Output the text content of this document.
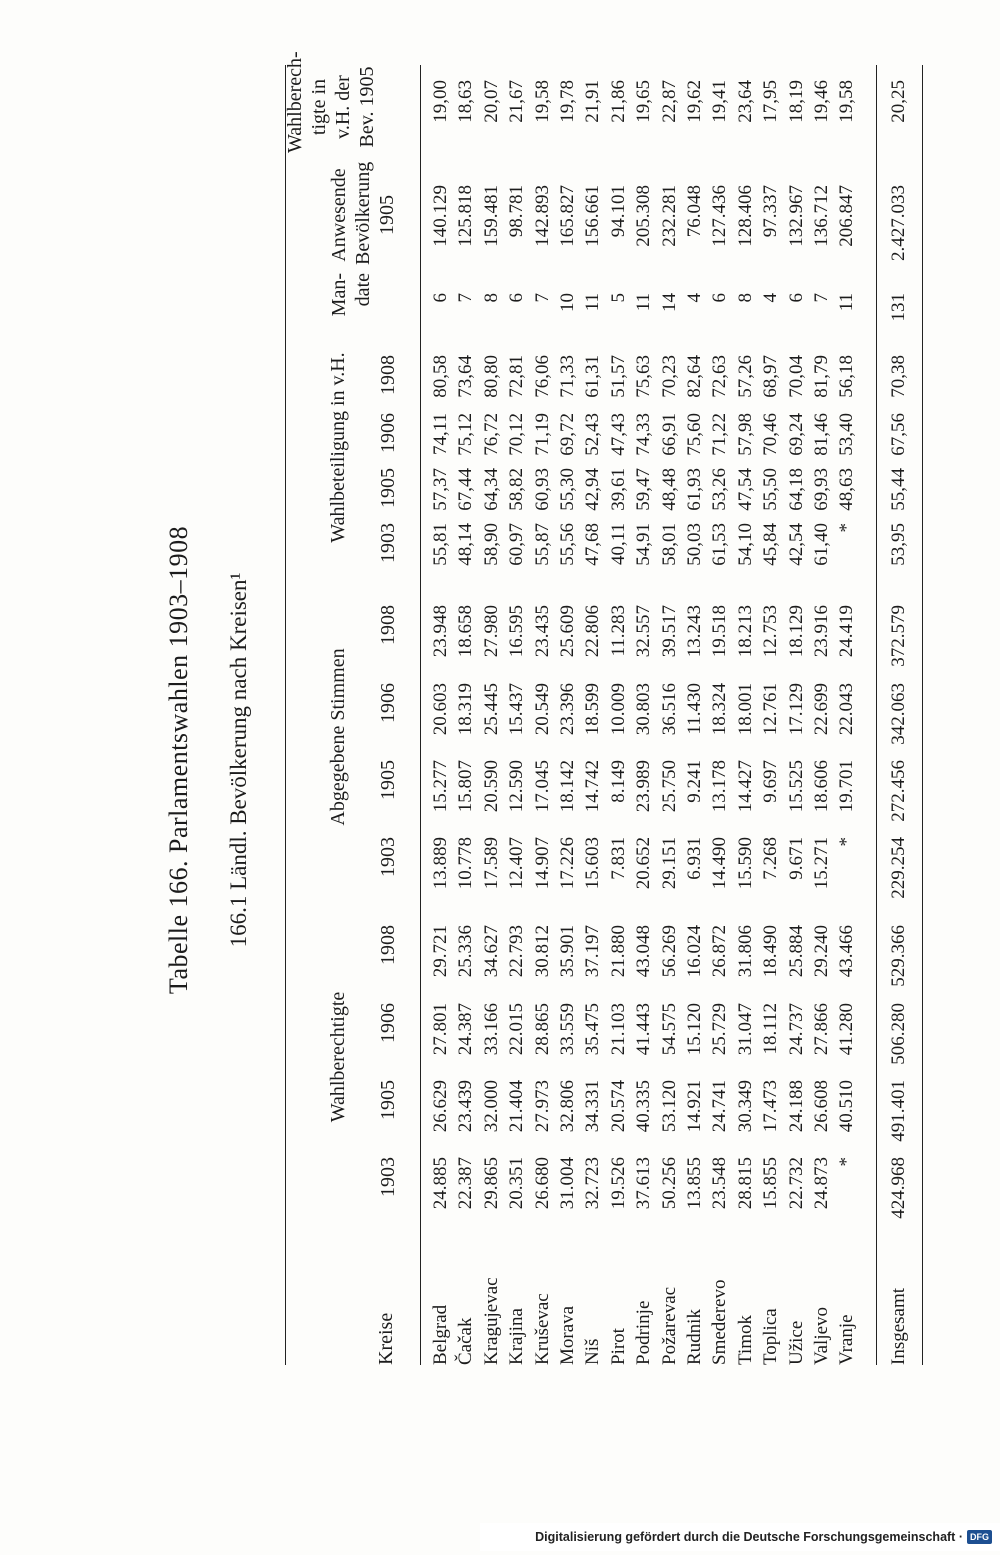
Tabelle 166. Parlamentswahlen 1903–1908 166.1 Ländl. Bevölkerung nach Kreisen¹
Kreise
Wahlberechtigte
Abgegebene Stimmen
Wahlbeteiligung in v.H.
Man-
date
Anwesende
Bevölkerung
1905
Wahlberech-
tigte in
v.H. der
Bev. 1905
1903
1905
1906
1908
1903
1905
1906
1908
1903
1905
1906
1908
Belgrad
24.885
26.629
27.801
29.721
13.889
15.277
20.603
23.948
55,81
57,37
74,11
80,58
6
140.129
19,00
Čačak
22.387
23.439
24.387
25.336
10.778
15.807
18.319
18.658
48,14
67,44
75,12
73,64
7
125.818
18,63
Kragujevac
29.865
32.000
33.166
34.627
17.589
20.590
25.445
27.980
58,90
64,34
76,72
80,80
8
159.481
20,07
Krajina
20.351
21.404
22.015
22.793
12.407
12.590
15.437
16.595
60,97
58,82
70,12
72,81
6
98.781
21,67
Kruševac
26.680
27.973
28.865
30.812
14.907
17.045
20.549
23.435
55,87
60,93
71,19
76,06
7
142.893
19,58
Morava
31.004
32.806
33.559
35.901
17.226
18.142
23.396
25.609
55,56
55,30
69,72
71,33
10
165.827
19,78
Niš
32.723
34.331
35.475
37.197
15.603
14.742
18.599
22.806
47,68
42,94
52,43
61,31
11
156.661
21,91
Pirot
19.526
20.574
21.103
21.880
7.831
8.149
10.009
11.283
40,11
39,61
47,43
51,57
5
94.101
21,86
Podrinje
37.613
40.335
41.443
43.048
20.652
23.989
30.803
32.557
54,91
59,47
74,33
75,63
11
205.308
19,65
Požarevac
50.256
53.120
54.575
56.269
29.151
25.750
36.516
39.517
58,01
48,48
66,91
70,23
14
232.281
22,87
Rudnik
13.855
14.921
15.120
16.024
6.931
9.241
11.430
13.243
50,03
61,93
75,60
82,64
4
76.048
19,62
Smederevo
23.548
24.741
25.729
26.872
14.490
13.178
18.324
19.518
61,53
53,26
71,22
72,63
6
127.436
19,41
Timok
28.815
30.349
31.047
31.806
15.590
14.427
18.001
18.213
54,10
47,54
57,98
57,26
8
128.406
23,64
Toplica
15.855
17.473
18.112
18.490
7.268
9.697
12.761
12.753
45,84
55,50
70,46
68,97
4
97.337
17,95
Užice
22.732
24.188
24.737
25.884
9.671
15.525
17.129
18.129
42,54
64,18
69,24
70,04
6
132.967
18,19
Valjevo
24.873
26.608
27.866
29.240
15.271
18.606
22.699
23.916
61,40
69,93
81,46
81,79
7
136.712
19,46
Vranje
*
40.510
41.280
43.466
*
19.701
22.043
24.419
*
48,63
53,40
56,18
11
206.847
19,58
Insgesamt
424.968
491.401
506.280
529.366
229.254
272.456
342.063
372.579
53,95
55,44
67,56
70,38
131
2.427.033
20,25
Digitalisierung gefördert durch die Deutsche Forschungsgemeinschaft · DFG
